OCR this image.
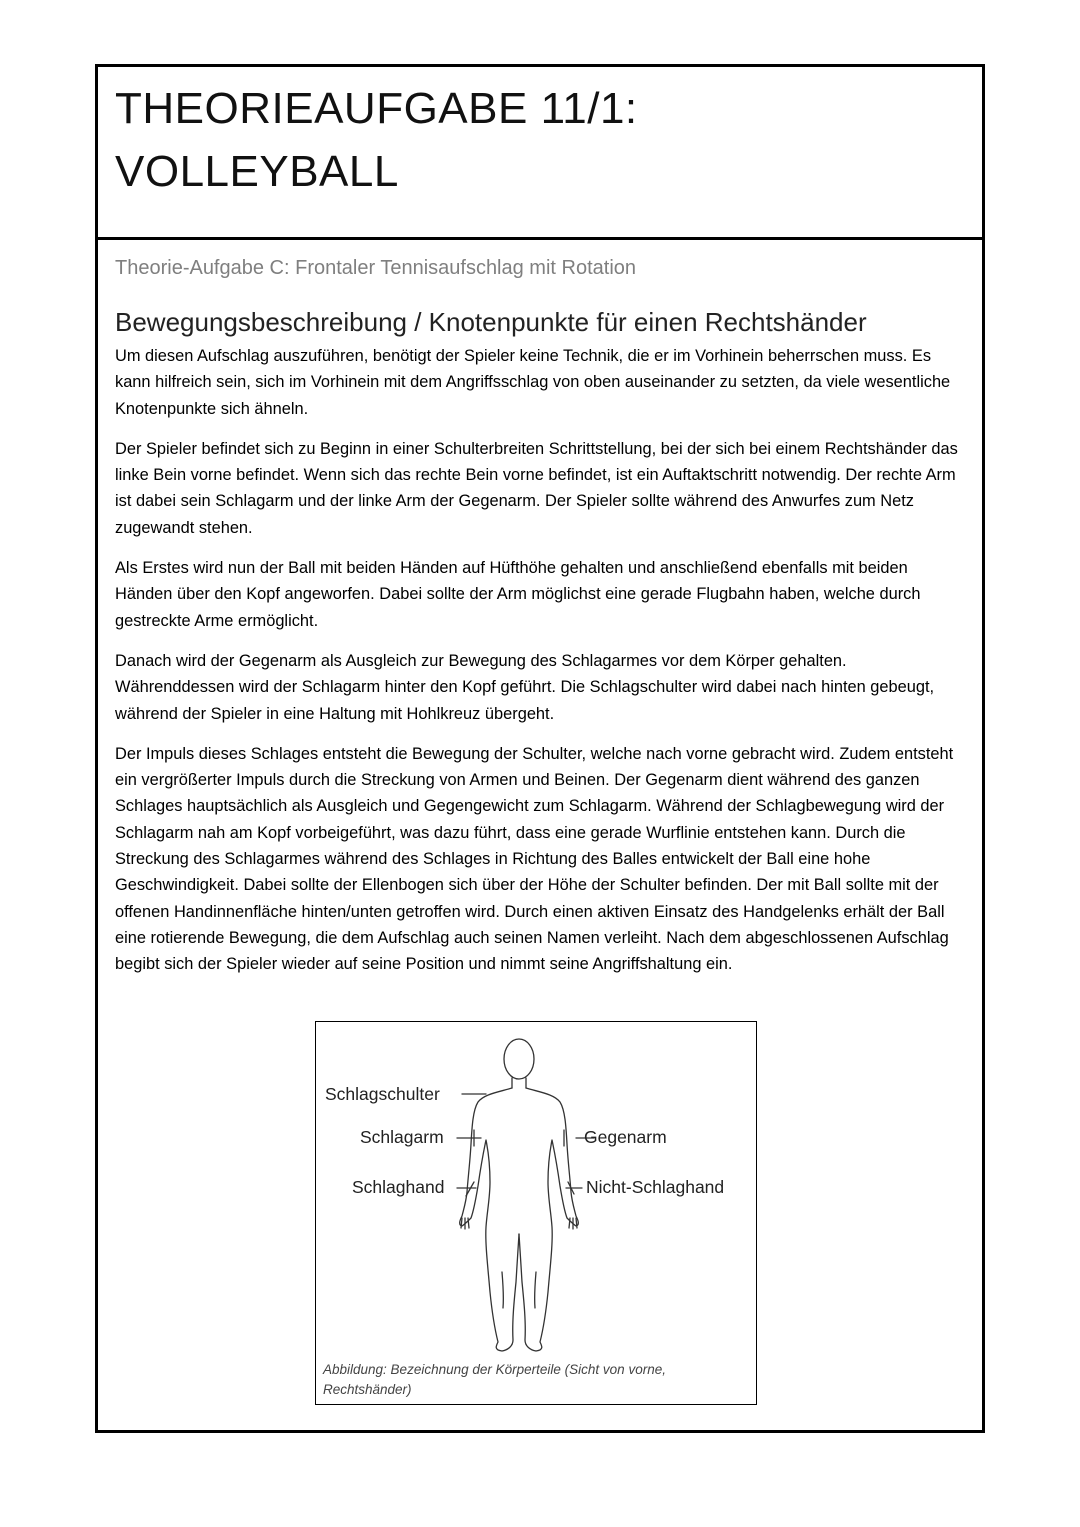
THEORIEAUFGABE 11/1:
VOLLEYBALL
Theorie-Aufgabe C: Frontaler Tennisaufschlag mit Rotation
Bewegungsbeschreibung / Knotenpunkte für einen Rechtshänder

Um diesen Aufschlag auszuführen, benötigt der Spieler keine Technik, die er im Vorhinein beherrschen muss. Es kann hilfreich sein, sich im Vorhinein mit dem Angriffsschlag von oben auseinander zu setzten, da viele wesentliche Knotenpunkte sich ähneln.

Der Spieler befindet sich zu Beginn in einer Schulterbreiten Schrittstellung, bei der sich bei einem Rechtshänder das linke Bein vorne befindet. Wenn sich das rechte Bein vorne befindet, ist ein Auftaktschritt notwendig. Der rechte Arm ist dabei sein Schlagarm und der linke Arm der Gegenarm. Der Spieler sollte während des Anwurfes zum Netz zugewandt stehen.

Als Erstes wird nun der Ball mit beiden Händen auf Hüfthöhe gehalten und anschließend ebenfalls mit beiden Händen über den Kopf angeworfen. Dabei sollte der Arm möglichst eine gerade Flugbahn haben, welche durch gestreckte Arme ermöglicht.

Danach wird der Gegenarm als Ausgleich zur Bewegung des Schlagarmes vor dem Körper gehalten. Währenddessen wird der Schlagarm hinter den Kopf geführt. Die Schlagschulter wird dabei nach hinten gebeugt, während der Spieler in eine Haltung mit Hohlkreuz übergeht.

Der Impuls dieses Schlages entsteht die Bewegung der Schulter, welche nach vorne gebracht wird. Zudem entsteht ein vergrößerter Impuls durch die Streckung von Armen und Beinen. Der Gegenarm dient während des ganzen Schlages hauptsächlich als Ausgleich und Gegengewicht zum Schlagarm. Während der Schlagbewegung wird der Schlagarm nah am Kopf vorbeigeführt, was dazu führt, dass eine gerade Wurflinie entstehen kann. Durch die Streckung des Schlagarmes während des Schlages in Richtung des Balles entwickelt der Ball eine hohe Geschwindigkeit. Dabei sollte der Ellenbogen sich über der Höhe der Schulter befinden. Der mit Ball sollte mit der offenen Handinnenfläche hinten/unten getroffen wird. Durch einen aktiven Einsatz des Handgelenks erhält der Ball eine rotierende Bewegung, die dem Aufschlag auch seinen Namen verleiht. Nach dem abgeschlossenen Aufschlag begibt sich der Spieler wieder auf seine Position und nimmt seine Angriffshaltung ein.

Schlagschulter
Schlagarm
Schlaghand
Gegenarm
Nicht-Schlaghand
Abbildung: Bezeichnung der Körperteile (Sicht von vorne, Rechtshänder)
